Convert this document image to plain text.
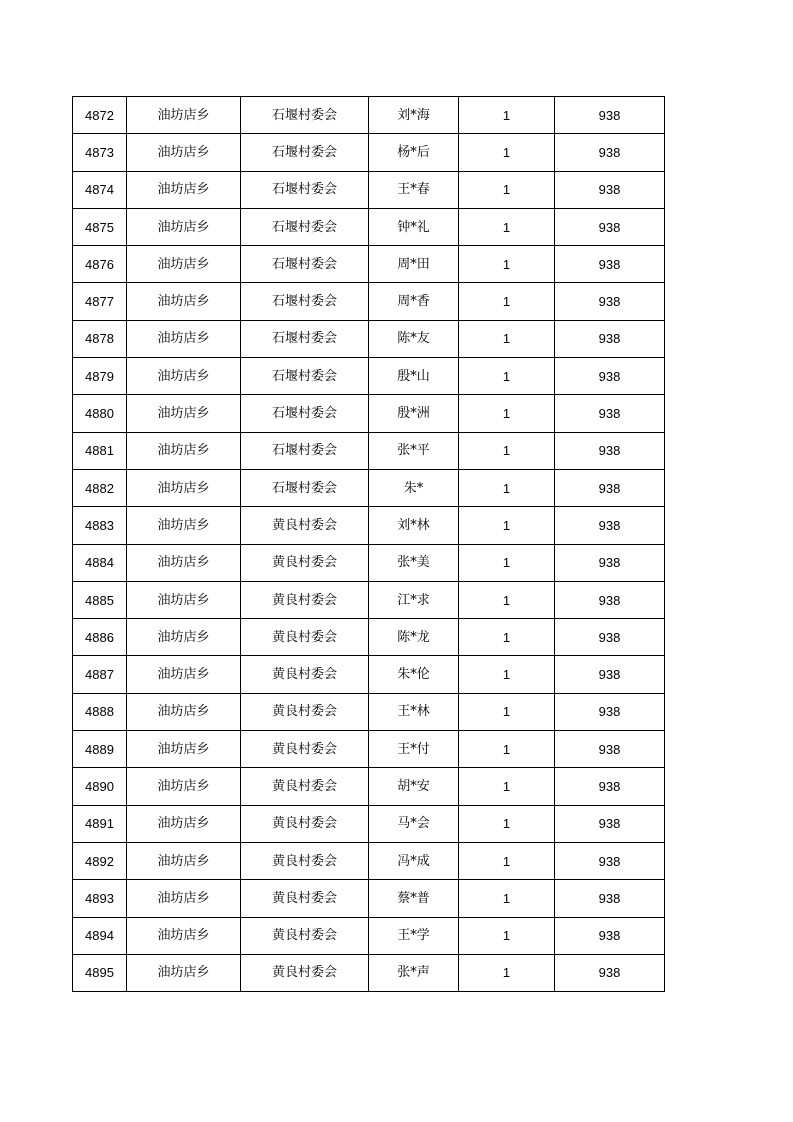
4872	油坊店乡	石堰村委会	刘*海	1	938
4873	油坊店乡	石堰村委会	杨*后	1	938
4874	油坊店乡	石堰村委会	王*春	1	938
4875	油坊店乡	石堰村委会	钟*礼	1	938
4876	油坊店乡	石堰村委会	周*田	1	938
4877	油坊店乡	石堰村委会	周*香	1	938
4878	油坊店乡	石堰村委会	陈*友	1	938
4879	油坊店乡	石堰村委会	殷*山	1	938
4880	油坊店乡	石堰村委会	殷*洲	1	938
4881	油坊店乡	石堰村委会	张*平	1	938
4882	油坊店乡	石堰村委会	朱*	1	938
4883	油坊店乡	黄良村委会	刘*林	1	938
4884	油坊店乡	黄良村委会	张*美	1	938
4885	油坊店乡	黄良村委会	江*求	1	938
4886	油坊店乡	黄良村委会	陈*龙	1	938
4887	油坊店乡	黄良村委会	朱*伦	1	938
4888	油坊店乡	黄良村委会	王*林	1	938
4889	油坊店乡	黄良村委会	王*付	1	938
4890	油坊店乡	黄良村委会	胡*安	1	938
4891	油坊店乡	黄良村委会	马*会	1	938
4892	油坊店乡	黄良村委会	冯*成	1	938
4893	油坊店乡	黄良村委会	蔡*普	1	938
4894	油坊店乡	黄良村委会	王*学	1	938
4895	油坊店乡	黄良村委会	张*声	1	938
